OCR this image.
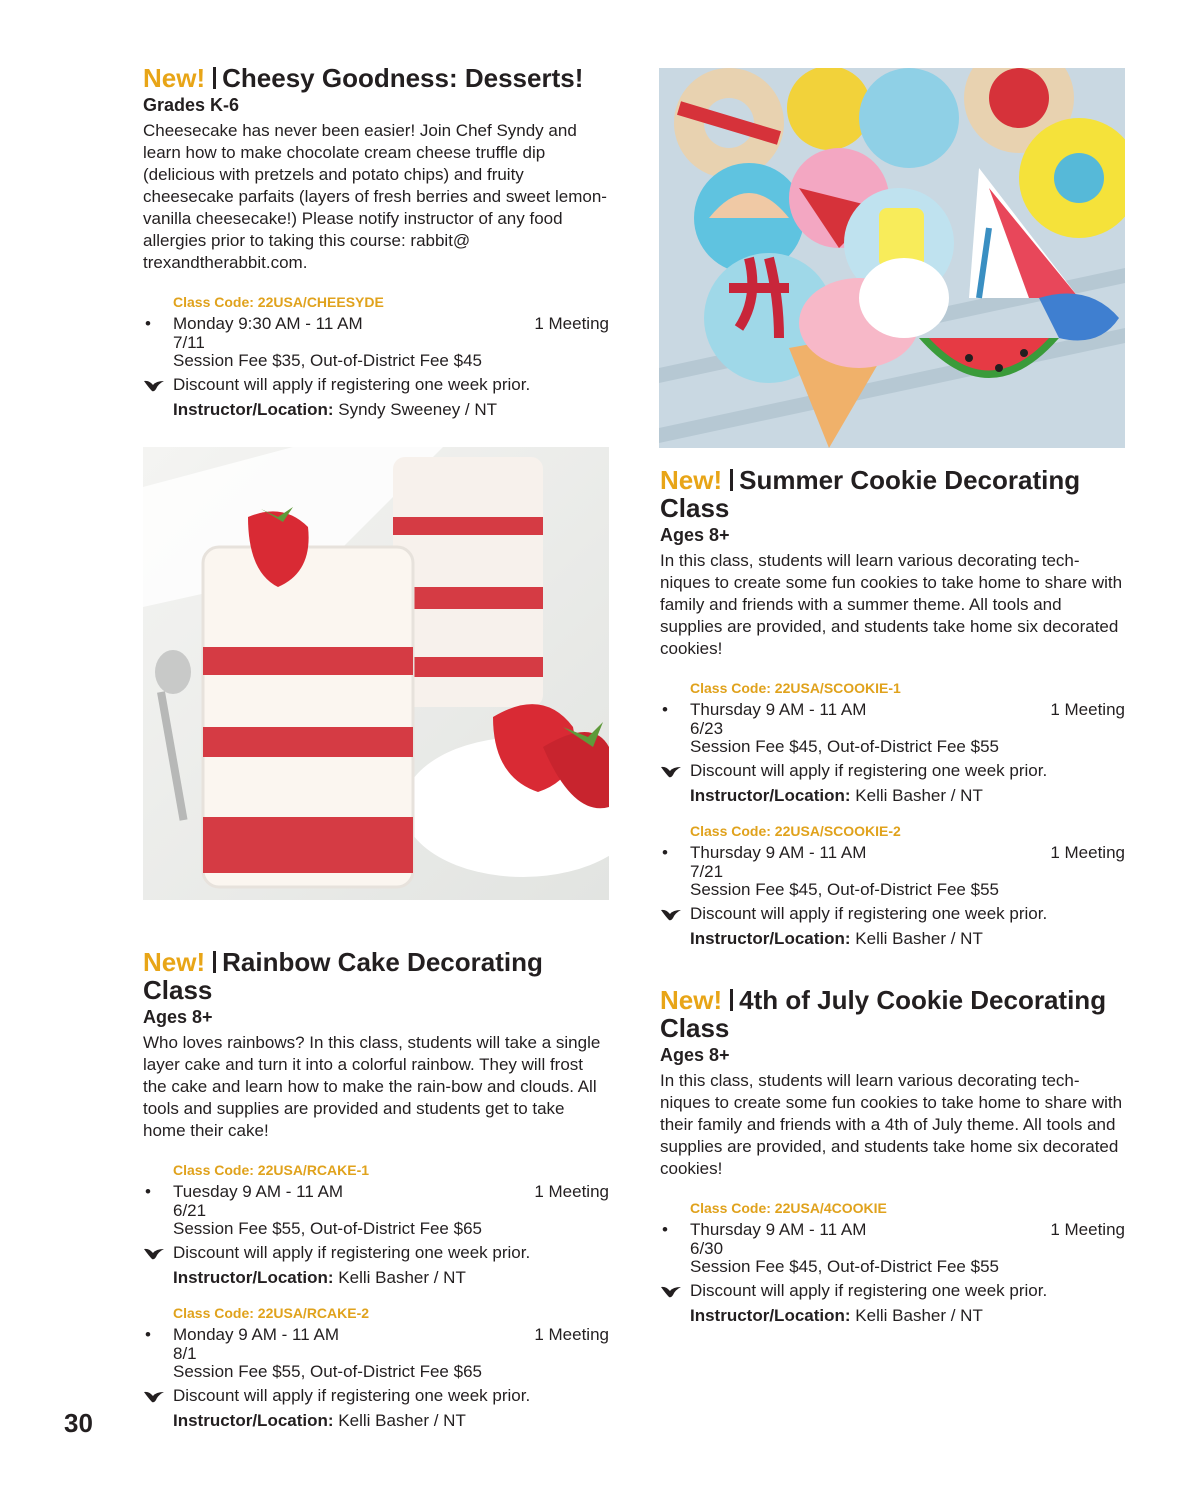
New! Cheesy Goodness: Desserts!
Grades K-6

Cheesecake has never been easier! Join Chef Syndy and learn how to make chocolate cream cheese truffle dip (delicious with pretzels and potato chips) and fruity cheesecake parfaits (layers of fresh berries and sweet lemon-vanilla cheesecake!) Please notify instructor of any food allergies prior to taking this course: rabbit@ trexandtherabbit.com.

Class Code: 22USA/CHEESYDE
• Monday 9:30 AM - 11 AM	1 Meeting
7/11
Session Fee $35, Out-of-District Fee $45
Discount will apply if registering one week prior.
Instructor/Location: Syndy Sweeney / NT
New! Rainbow Cake Decorating Class
Ages 8+

Who loves rainbows? In this class, students will take a single layer cake and turn it into a colorful rainbow. They will frost the cake and learn how to make the rain-bow and clouds. All tools and supplies are provided and students get to take home their cake!

Class Code: 22USA/RCAKE-1
• Tuesday 9 AM - 11 AM	1 Meeting
6/21
Session Fee $55, Out-of-District Fee $65
Discount will apply if registering one week prior.
Instructor/Location: Kelli Basher / NT
Class Code: 22USA/RCAKE-2
• Monday 9 AM - 11 AM	1 Meeting
8/1
Session Fee $55, Out-of-District Fee $65
Discount will apply if registering one week prior.
Instructor/Location: Kelli Basher / NT
New! Summer Cookie Decorating Class
Ages 8+

In this class, students will learn various decorating tech-niques to create some fun cookies to take home to share with family and friends with a summer theme. All tools and supplies are provided, and students take home six decorated cookies!

Class Code: 22USA/SCOOKIE-1
• Thursday 9 AM - 11 AM	1 Meeting
6/23
Session Fee $45, Out-of-District Fee $55
Discount will apply if registering one week prior.
Instructor/Location: Kelli Basher / NT
Class Code: 22USA/SCOOKIE-2
• Thursday 9 AM - 11 AM	1 Meeting
7/21
Session Fee $45, Out-of-District Fee $55
Discount will apply if registering one week prior.
Instructor/Location: Kelli Basher / NT
New! 4th of July Cookie Decorating Class
Ages 8+

In this class, students will learn various decorating tech-niques to create some fun cookies to take home to share with their family and friends with a 4th of July theme. All tools and supplies are provided, and students take home six decorated cookies!

Class Code: 22USA/4COOKIE
• Thursday 9 AM - 11 AM	1 Meeting
6/30
Session Fee $45, Out-of-District Fee $55
Discount will apply if registering one week prior.
Instructor/Location: Kelli Basher / NT
30
